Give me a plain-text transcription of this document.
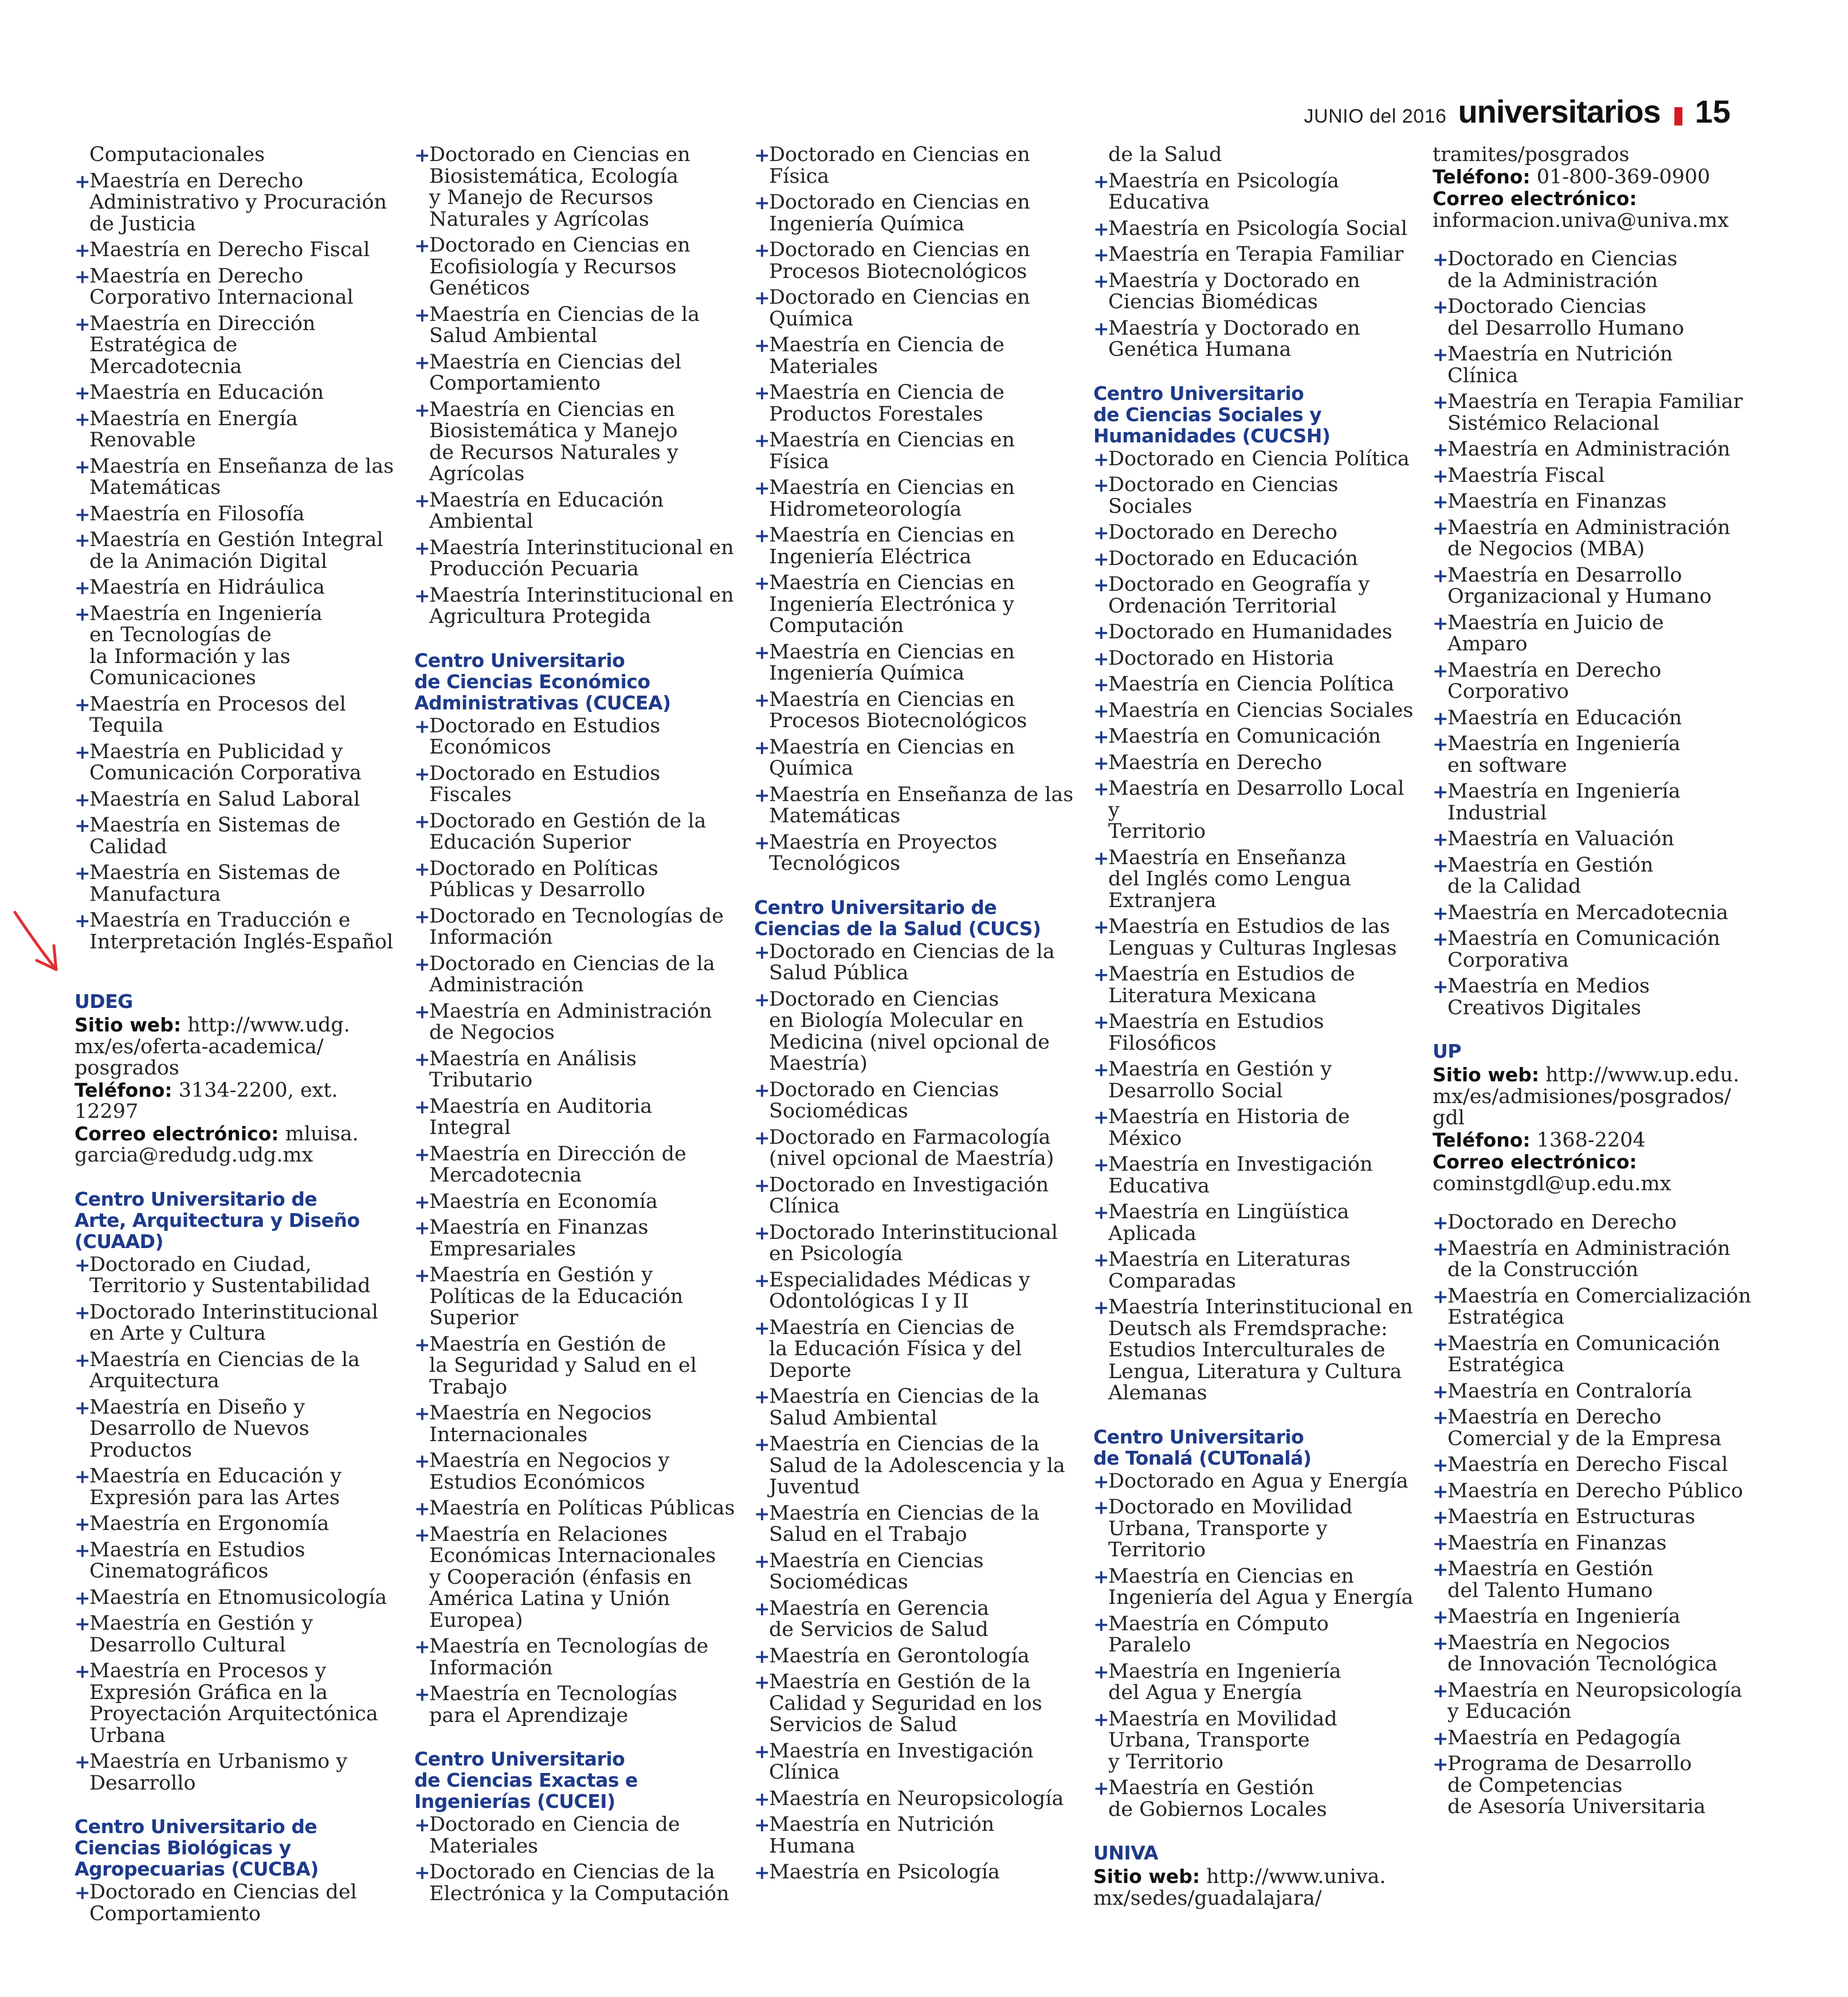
JUNIO del 2016 universitarios 15
Computacionales
+
Maestría en Derecho
Administrativo y Procuración
de Justicia
+
Maestría en Derecho Fiscal
+
Maestría en Derecho
Corporativo Internacional
+
Maestría en Dirección
Estratégica de Mercadotecnia
+
Maestría en Educación
+
Maestría en Energía
Renovable
+
Maestría en Enseñanza de las
Matemáticas
+
Maestría en Filosofía
+
Maestría en Gestión Integral
de la Animación Digital
+
Maestría en Hidráulica
+
Maestría en Ingeniería
en Tecnologías de
la Información y las
Comunicaciones
+
Maestría en Procesos del
Tequila
+
Maestría en Publicidad y
Comunicación Corporativa
+
Maestría en Salud Laboral
+
Maestría en Sistemas de
Calidad
+
Maestría en Sistemas de
Manufactura
+
Maestría en Traducción e
Interpretación Inglés-Español
UDEG
Sitio web: http://www.udg.
mx/es/oferta-academica/
posgrados
Teléfono: 3134-2200, ext. 12297
Correo electrónico: mluisa.
garcia@redudg.udg.mx
Centro Universitario de
Arte, Arquitectura y Diseño
(CUAAD)
+
Doctorado en Ciudad,
Territorio y Sustentabilidad
+
Doctorado Interinstitucional
en Arte y Cultura
+
Maestría en Ciencias de la
Arquitectura
+
Maestría en Diseño y
Desarrollo de Nuevos
Productos
+
Maestría en Educación y
Expresión para las Artes
+
Maestría en Ergonomía
+
Maestría en Estudios
Cinematográficos
+
Maestría en Etnomusicología
+
Maestría en Gestión y
Desarrollo Cultural
+
Maestría en Procesos y
Expresión Gráfica en la
Proyectación Arquitectónica
Urbana
+
Maestría en Urbanismo y
Desarrollo
Centro Universitario de
Ciencias Biológicas y
Agropecuarias (CUCBA)
+
Doctorado en Ciencias del
Comportamiento
+
Doctorado en Ciencias en
Biosistemática, Ecología
y Manejo de Recursos
Naturales y Agrícolas
+
Doctorado en Ciencias en
Ecofisiología y Recursos
Genéticos
+
Maestría en Ciencias de la
Salud Ambiental
+
Maestría en Ciencias del
Comportamiento
+
Maestría en Ciencias en
Biosistemática y Manejo
de Recursos Naturales y
Agrícolas
+
Maestría en Educación
Ambiental
+
Maestría Interinstitucional en
Producción Pecuaria
+
Maestría Interinstitucional en
Agricultura Protegida
Centro Universitario
de Ciencias Económico
Administrativas (CUCEA)
+
Doctorado en Estudios
Económicos
+
Doctorado en Estudios
Fiscales
+
Doctorado en Gestión de la
Educación Superior
+
Doctorado en Políticas
Públicas y Desarrollo
+
Doctorado en Tecnologías de
Información
+
Doctorado en Ciencias de la
Administración
+
Maestría en Administración
de Negocios
+
Maestría en Análisis
Tributario
+
Maestría en Auditoria Integral
+
Maestría en Dirección de
Mercadotecnia
+
Maestría en Economía
+
Maestría en Finanzas
Empresariales
+
Maestría en Gestión y
Políticas de la Educación
Superior
+
Maestría en Gestión de
la Seguridad y Salud en el
Trabajo
+
Maestría en Negocios
Internacionales
+
Maestría en Negocios y
Estudios Económicos
+
Maestría en Políticas Públicas
+
Maestría en Relaciones
Económicas Internacionales
y Cooperación (énfasis en
América Latina y Unión
Europea)
+
Maestría en Tecnologías de
Información
+
Maestría en Tecnologías
para el Aprendizaje
Centro Universitario
de Ciencias Exactas e
Ingenierías (CUCEI)
+
Doctorado en Ciencia de
Materiales
+
Doctorado en Ciencias de la
Electrónica y la Computación
+
Doctorado en Ciencias en
Física
+
Doctorado en Ciencias en
Ingeniería Química
+
Doctorado en Ciencias en
Procesos Biotecnológicos
+
Doctorado en Ciencias en
Química
+
Maestría en Ciencia de
Materiales
+
Maestría en Ciencia de
Productos Forestales
+
Maestría en Ciencias en
Física
+
Maestría en Ciencias en
Hidrometeorología
+
Maestría en Ciencias en
Ingeniería Eléctrica
+
Maestría en Ciencias en
Ingeniería Electrónica y
Computación
+
Maestría en Ciencias en
Ingeniería Química
+
Maestría en Ciencias en
Procesos Biotecnológicos
+
Maestría en Ciencias en
Química
+
Maestría en Enseñanza de las
Matemáticas
+
Maestría en Proyectos
Tecnológicos
Centro Universitario de
Ciencias de la Salud (CUCS)
+
Doctorado en Ciencias de la
Salud Pública
+
Doctorado en Ciencias
en Biología Molecular en
Medicina (nivel opcional de
Maestría)
+
Doctorado en Ciencias
Sociomédicas
+
Doctorado en Farmacología
(nivel opcional de Maestría)
+
Doctorado en Investigación
Clínica
+
Doctorado Interinstitucional
en Psicología
+
Especialidades Médicas y
Odontológicas I y II
+
Maestría en Ciencias de
la Educación Física y del
Deporte
+
Maestría en Ciencias de la
Salud Ambiental
+
Maestría en Ciencias de la
Salud de la Adolescencia y la
Juventud
+
Maestría en Ciencias de la
Salud en el Trabajo
+
Maestría en Ciencias
Sociomédicas
+
Maestría en Gerencia
de Servicios de Salud
+
Maestría en Gerontología
+
Maestría en Gestión de la
Calidad y Seguridad en los
Servicios de Salud
+
Maestría en Investigación
Clínica
+
Maestría en Neuropsicología
+
Maestría en Nutrición
Humana
+
Maestría en Psicología
de la Salud
+
Maestría en Psicología
Educativa
+
Maestría en Psicología Social
+
Maestría en Terapia Familiar
+
Maestría y Doctorado en
Ciencias Biomédicas
+
Maestría y Doctorado en
Genética Humana
Centro Universitario
de Ciencias Sociales y
Humanidades (CUCSH)
+
Doctorado en Ciencia Política
+
Doctorado en Ciencias
Sociales
+
Doctorado en Derecho
+
Doctorado en Educación
+
Doctorado en Geografía y
Ordenación Territorial
+
Doctorado en Humanidades
+
Doctorado en Historia
+
Maestría en Ciencia Política
+
Maestría en Ciencias Sociales
+
Maestría en Comunicación
+
Maestría en Derecho
+
Maestría en Desarrollo Local y
Territorio
+
Maestría en Enseñanza
del Inglés como Lengua
Extranjera
+
Maestría en Estudios de las
Lenguas y Culturas Inglesas
+
Maestría en Estudios de
Literatura Mexicana
+
Maestría en Estudios
Filosóficos
+
Maestría en Gestión y
Desarrollo Social
+
Maestría en Historia de
México
+
Maestría en Investigación
Educativa
+
Maestría en Lingüística
Aplicada
+
Maestría en Literaturas
Comparadas
+
Maestría Interinstitucional en
Deutsch als Fremdsprache:
Estudios Interculturales de
Lengua, Literatura y Cultura
Alemanas
Centro Universitario
de Tonalá (CUTonalá)
+
Doctorado en Agua y Energía
+
Doctorado en Movilidad
Urbana, Transporte y
Territorio
+
Maestría en Ciencias en
Ingeniería del Agua y Energía
+
Maestría en Cómputo
Paralelo
+
Maestría en Ingeniería
del Agua y Energía
+
Maestría en Movilidad
Urbana, Transporte
y Territorio
+
Maestría en Gestión
de Gobiernos Locales
UNIVA
Sitio web: http://www.univa.
mx/sedes/guadalajara/
tramites/posgrados
Teléfono: 01-800-369-0900
Correo electrónico:
informacion.univa@univa.mx
+
Doctorado en Ciencias
de la Administración
+
Doctorado Ciencias
del Desarrollo Humano
+
Maestría en Nutrición
Clínica
+
Maestría en Terapia Familiar
Sistémico Relacional
+
Maestría en Administración
+
Maestría Fiscal
+
Maestría en Finanzas
+
Maestría en Administración
de Negocios (MBA)
+
Maestría en Desarrollo
Organizacional y Humano
+
Maestría en Juicio de
Amparo
+
Maestría en Derecho
Corporativo
+
Maestría en Educación
+
Maestría en Ingeniería
en software
+
Maestría en Ingeniería
Industrial
+
Maestría en Valuación
+
Maestría en Gestión
de la Calidad
+
Maestría en Mercadotecnia
+
Maestría en Comunicación
Corporativa
+
Maestría en Medios
Creativos Digitales
UP
Sitio web: http://www.up.edu.
mx/es/admisiones/posgrados/
gdl
Teléfono: 1368-2204
Correo electrónico:
cominstgdl@up.edu.mx
+
Doctorado en Derecho
+
Maestría en Administración
de la Construcción
+
Maestría en Comercialización
Estratégica
+
Maestría en Comunicación
Estratégica
+
Maestría en Contraloría
+
Maestría en Derecho
Comercial y de la Empresa
+
Maestría en Derecho Fiscal
+
Maestría en Derecho Público
+
Maestría en Estructuras
+
Maestría en Finanzas
+
Maestría en Gestión
del Talento Humano
+
Maestría en Ingeniería
+
Maestría en Negocios
de Innovación Tecnológica
+
Maestría en Neuropsicología
y Educación
+
Maestría en Pedagogía
+
Programa de Desarrollo
de Competencias
de Asesoría Universitaria
